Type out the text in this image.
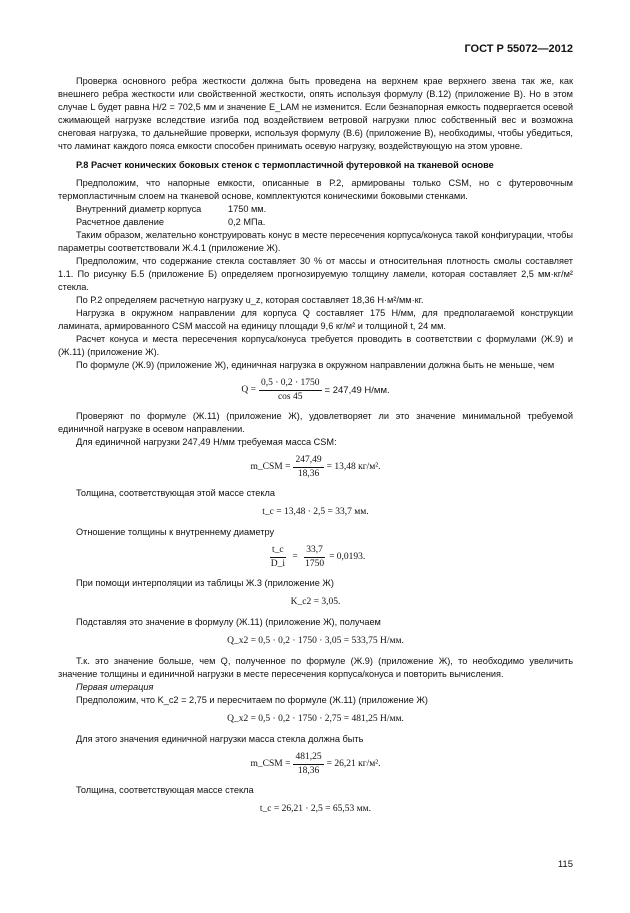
ГОСТ Р 55072—2012

Проверка основного ребра жесткости должна быть проведена на верхнем крае верхнего звена так же, как внешнего ребра жесткости или свойственной жесткости, опять используя формулу (В.12) (приложение В). Но в этом случае L будет равна H/2 = 702,5 мм и значение E_LAM не изменится. Если безнапорная емкость подвергается осевой сжимающей нагрузке вследствие изгиба под воздействием ветровой нагрузки плюс собственный вес и возможна снеговая нагрузка, то дальнейшие проверки, используя формулу (В.6) (приложение В), необходимы, чтобы убедиться, что ламинат каждого пояса емкости способен принимать осевую нагрузку, воздействующую на этом уровне.

Р.8 Расчет конических боковых стенок с термопластичной футеровкой на тканевой основе

Предположим, что напорные емкости, описанные в Р.2, армированы только CSM, но с футеровочным термопластичным слоем на тканевой основе, комплектуются коническими боковыми стенками.

Внутренний диаметр корпуса	1750 мм.
Расчетное давление	0,2 МПа.

Таким образом, желательно конструировать конус в месте пересечения корпуса/конуса такой конфигурации, чтобы параметры соответствовали Ж.4.1 (приложение Ж).

Предположим, что содержание стекла составляет 30 % от массы и относительная плотность смолы составляет 1.1. По рисунку Б.5 (приложение Б) определяем прогнозируемую толщину ламели, которая составляет 2,5 мм·кг/м² стекла.

По Р.2 определяем расчетную нагрузку u_z, которая составляет 18,36 Н·м²/мм·кг.

Нагрузка в окружном направлении для корпуса Q составляет 175 Н/мм, для предполагаемой конструкции ламината, армированного CSM массой на единицу площади 9,6 кг/м² и толщиной t, 24 мм.

Расчет конуса и места пересечения корпуса/конуса требуется проводить в соответствии с формулами (Ж.9) и (Ж.11) (приложение Ж).

По формуле (Ж.9) (приложение Ж), единичная нагрузка в окружном направлении должна быть не меньше, чем

$Q = \frac{0,5 \cdot 0,2 \cdot 1750}{\cos 45} = 247,49$ Н/мм.

Проверяют по формуле (Ж.11) (приложение Ж), удовлетворяет ли это значение минимальной требуемой единичной нагрузке в осевом направлении.

Для единичной нагрузки 247,49 Н/мм требуемая масса CSM:

m_CSM = $\frac{247,49}{18,36} = 13,48$ кг/м².

Толщина, соответствующая этой массе стекла

t_c = 13,48 · 2,5 = 33,7 мм.

Отношение толщины к внутреннему диаметру

$\frac{t\_c}{D\_i} = \frac{33,7}{1750} = 0,0193$.

При помощи интерполяции из таблицы Ж.3 (приложение Ж)

K_c2 = 3,05.

Подставляя это значение в формулу (Ж.11) (приложение Ж), получаем

Q_x2 = 0,5 · 0,2 · 1750 · 3,05 = 533,75 Н/мм.

Т.к. это значение больше, чем Q, полученное по формуле (Ж.9) (приложение Ж), то необходимо увеличить значение толщины и единичной нагрузки в месте пересечения корпуса/конуса и повторить вычисления.

Первая итерация

Предположим, что K_c2 = 2,75 и пересчитаем по формуле (Ж.11) (приложение Ж)

Q_x2 = 0,5 · 0,2 · 1750 · 2,75 = 481,25 Н/мм.

Для этого значения единичной нагрузки масса стекла должна быть

m_CSM = $\frac{481,25}{18,36} = 26,21$ кг/м².

Толщина, соответствующая массе стекла

t_c = 26,21 · 2,5 = 65,53 мм.
115
